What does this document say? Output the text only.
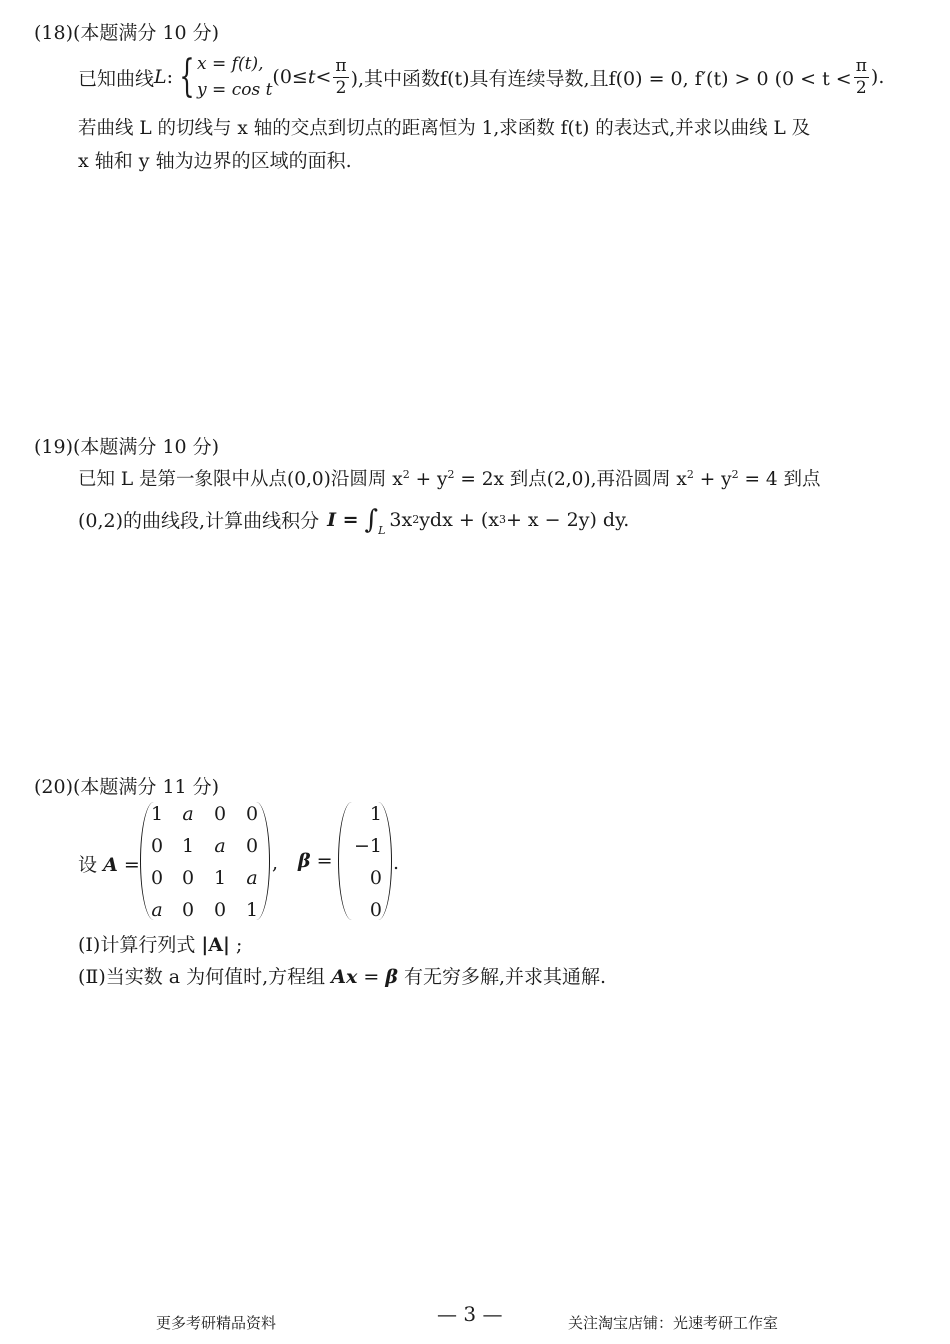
(18)(本题满分 10 分)
已知曲线 L : { x = f(t),
y = cos t
($0\le t < \frac{\pi}{2}$ ),其中函数f(t)具有连续导数,且f(0) = 0, f′(t) > 0 ($0 < t < \frac{\pi}{2}$ ).
若曲线 L 的切线与 x 轴的交点到切点的距离恒为 1,求函数 f(t) 的表达式,并求以曲线 L 及
x 轴和 y 轴为边界的区域的面积.
(19)(本题满分 10 分)
已知 L 是第一象限中从点(0,0)沿圆周 $x^2 + y^2 = 2x$ 到点(2,0),再沿圆周 $x^2 + y^2 = 4$ 到点
(0,2)的曲线段,计算曲线积分 I = ∫ L 3x 2 ydx + (x 3 + x − 2y) dy.
(20)(本题满分 11 分)
设 A =
1	a	0	0
0 1	a	0
0 0	1	a
a	0	0	1
, β =
1
−1
0
0
.
(Ⅰ)计算行列式 |A| ;
(Ⅱ)当实数 a 为何值时,方程组 Ax = β 有无穷多解,并求其通解.
更多考研精品资料	— 3 —	关注淘宝店铺：光速考研工作室
